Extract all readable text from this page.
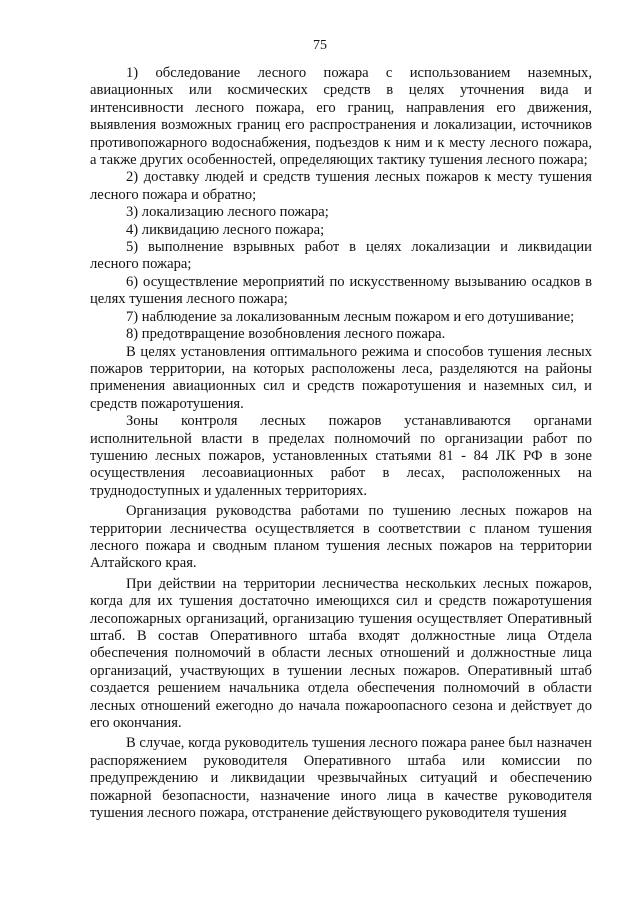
75

1) обследование лесного пожара с использованием наземных, авиационных или космических средств в целях уточнения вида и интенсивности лесного пожара, его границ, направления его движения, выявления возможных границ его распространения и локализации, источников противопожарного водоснабжения, подъездов к ним и к месту лесного пожара, а также других особенностей, определяющих тактику тушения лесного пожара;

2) доставку людей и средств тушения лесных пожаров к месту тушения лесного пожара и обратно;

3) локализацию лесного пожара;

4) ликвидацию лесного пожара;

5) выполнение взрывных работ в целях локализации и ликвидации лесного пожара;

6) осуществление мероприятий по искусственному вызыванию осадков в целях тушения лесного пожара;

7) наблюдение за локализованным лесным пожаром и его дотушивание;

8) предотвращение возобновления лесного пожара.

В целях установления оптимального режима и способов тушения лесных пожаров территории, на которых расположены леса, разделяются на районы применения авиационных сил и средств пожаротушения и наземных сил, и средств пожаротушения.

Зоны контроля лесных пожаров устанавливаются органами исполнительной власти в пределах полномочий по организации работ по тушению лесных пожаров, установленных статьями 81 - 84 ЛК РФ в зоне осуществления лесоавиационных работ в лесах, расположенных на труднодоступных и удаленных территориях.

Организация руководства работами по тушению лесных пожаров на территории лесничества осуществляется в соответствии с планом тушения лесного пожара и сводным планом тушения лесных пожаров на территории Алтайского края.

При действии на территории лесничества нескольких лесных пожаров, когда для их тушения достаточно имеющихся сил и средств пожаротушения лесопожарных организаций, организацию тушения осуществляет Оперативный штаб. В состав Оперативного штаба входят должностные лица Отдела обеспечения полномочий в области лесных отношений и должностные лица организаций, участвующих в тушении лесных пожаров. Оперативный штаб создается решением начальника отдела обеспечения полномочий в области лесных отношений ежегодно до начала пожароопасного сезона и действует до его окончания.

В случае, когда руководитель тушения лесного пожара ранее был назначен распоряжением руководителя Оперативного штаба или комиссии по предупреждению и ликвидации чрезвычайных ситуаций и обеспечению пожарной безопасности, назначение иного лица в качестве руководителя тушения лесного пожара, отстранение действующего руководителя тушения
